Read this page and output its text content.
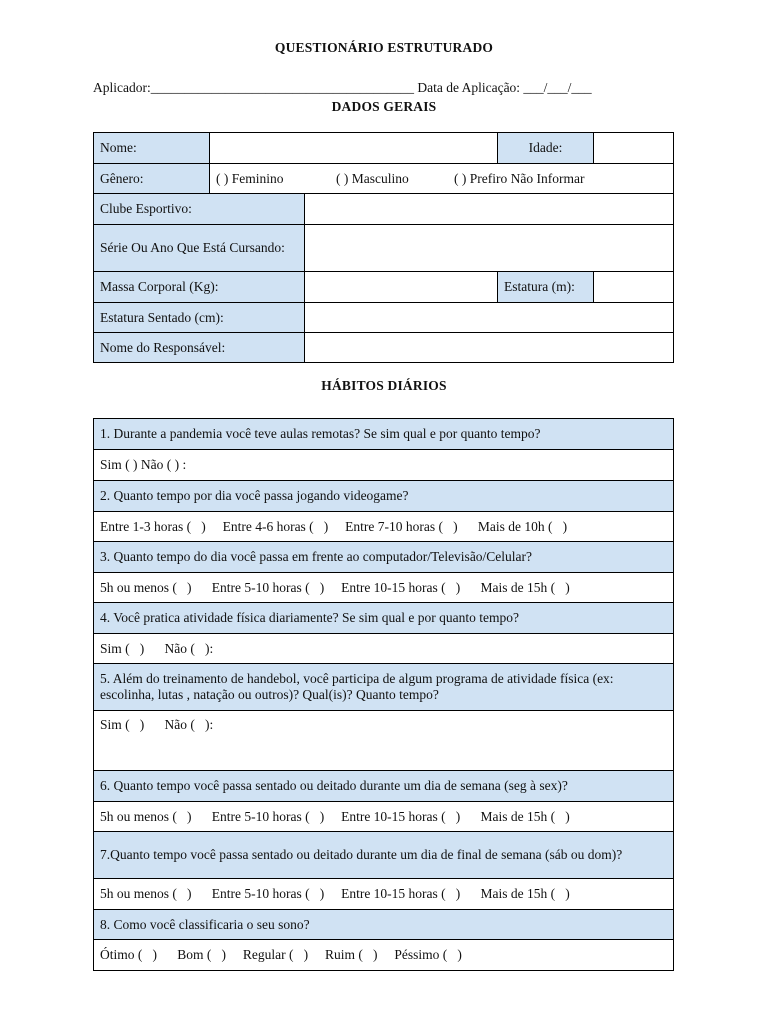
QUESTIONÁRIO ESTRUTURADO
Aplicador:_______________________________________ Data de Aplicação: ___/___/___
DADOS GERAIS
Nome:			Idade:	
Gênero:	( ) Feminino ( ) Masculino ( ) Prefiro Não Informar			
Clube Esportivo:				
Série Ou Ano Que Está Cursando:				
Massa Corporal (Kg):			Estatura (m):	
Estatura Sentado (cm):				
Nome do Responsável:				
HÁBITOS DIÁRIOS
1. Durante a pandemia você teve aulas remotas? Se sim qual e por quanto tempo?
Sim ( ) Não ( ) :
2. Quanto tempo por dia você passa jogando videogame?
Entre 1-3 horas (   )     Entre 4-6 horas (   )     Entre 7-10 horas (   )      Mais de 10h (   )
3. Quanto tempo do dia você passa em frente ao computador/Televisão/Celular?
5h ou menos (   )      Entre 5-10 horas (   )     Entre 10-15 horas (   )      Mais de 15h (   )
4. Você pratica atividade física diariamente? Se sim qual e por quanto tempo?
Sim (   )      Não (   ):
5. Além do treinamento de handebol, você participa de algum programa de atividade física (ex: escolinha, lutas , natação ou outros)? Qual(is)? Quanto tempo?
Sim (   )      Não (   ):
6. Quanto tempo você passa sentado ou deitado durante um dia de semana (seg à sex)?
5h ou menos (   )      Entre 5-10 horas (   )     Entre 10-15 horas (   )      Mais de 15h (   )
7.Quanto tempo você passa sentado ou deitado durante um dia de final de semana (sáb ou dom)?
5h ou menos (   )      Entre 5-10 horas (   )     Entre 10-15 horas (   )      Mais de 15h (   )
8. Como você classificaria o seu sono?
Ótimo (   )      Bom (   )     Regular (   )     Ruim (   )     Péssimo (   )
